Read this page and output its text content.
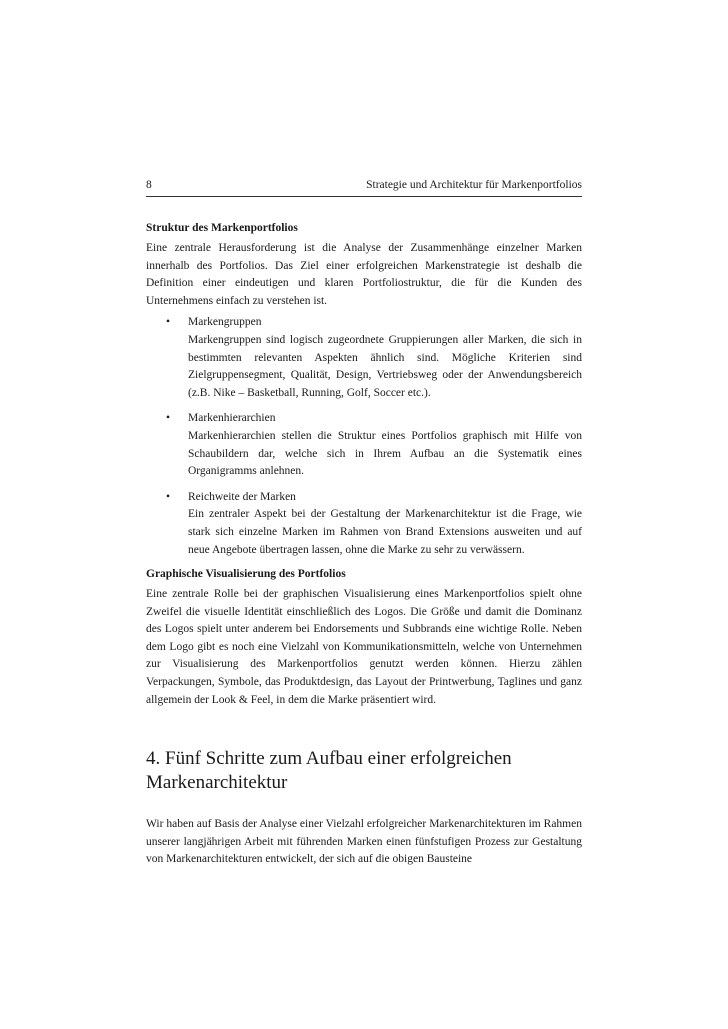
8	Strategie und Architektur für Markenportfolios
Struktur des Markenportfolios

Eine zentrale Herausforderung ist die Analyse der Zusammenhänge einzelner Marken innerhalb des Portfolios. Das Ziel einer erfolgreichen Markenstrategie ist deshalb die Definition einer eindeutigen und klaren Portfoliostruktur, die für die Kunden des Unternehmens einfach zu verstehen ist.

• Markengruppen

Markengruppen sind logisch zugeordnete Gruppierungen aller Marken, die sich in bestimmten relevanten Aspekten ähnlich sind. Mögliche Kriterien sind Zielgruppensegment, Qualität, Design, Vertriebsweg oder der Anwendungsbereich (z.B. Nike – Basketball, Running, Golf, Soccer etc.).

• Markenhierarchien

Markenhierarchien stellen die Struktur eines Portfolios graphisch mit Hilfe von Schaubildern dar, welche sich in Ihrem Aufbau an die Systematik eines Organigramms anlehnen.

• Reichweite der Marken

Ein zentraler Aspekt bei der Gestaltung der Markenarchitektur ist die Frage, wie stark sich einzelne Marken im Rahmen von Brand Extensions ausweiten und auf neue Angebote übertragen lassen, ohne die Marke zu sehr zu verwässern.

Graphische Visualisierung des Portfolios

Eine zentrale Rolle bei der graphischen Visualisierung eines Markenportfolios spielt ohne Zweifel die visuelle Identität einschließlich des Logos. Die Größe und damit die Dominanz des Logos spielt unter anderem bei Endorsements und Subbrands eine wichtige Rolle. Neben dem Logo gibt es noch eine Vielzahl von Kommunikationsmitteln, welche von Unternehmen zur Visualisierung des Markenportfolios genutzt werden können. Hierzu zählen Verpackungen, Symbole, das Produktdesign, das Layout der Printwerbung, Taglines und ganz allgemein der Look & Feel, in dem die Marke präsentiert wird.

4. Fünf Schritte zum Aufbau einer erfolgreichen Markenarchitektur

Wir haben auf Basis der Analyse einer Vielzahl erfolgreicher Markenarchitekturen im Rahmen unserer langjährigen Arbeit mit führenden Marken einen fünfstufigen Prozess zur Gestaltung von Markenarchitekturen entwickelt, der sich auf die obigen Bausteine
